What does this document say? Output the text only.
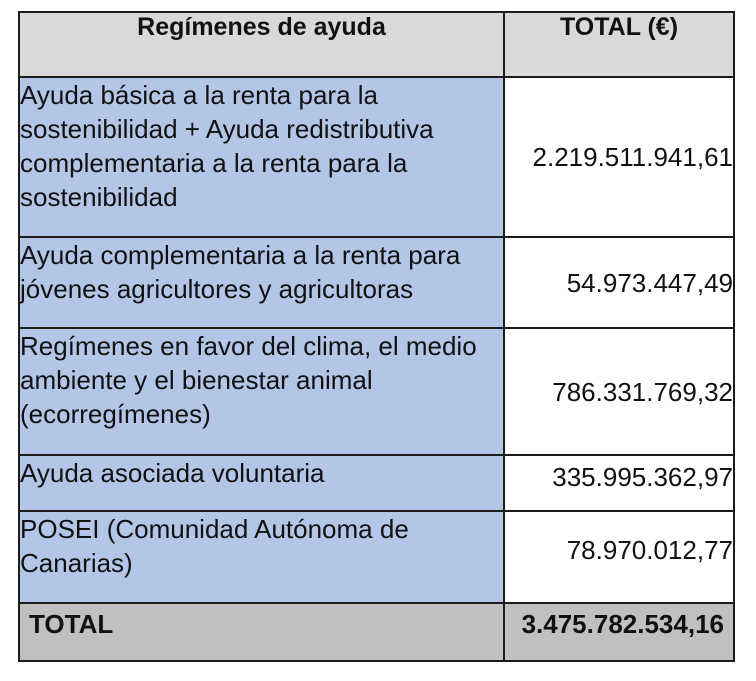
Regímenes de ayuda	TOTAL (€)
Ayuda básica a la renta para la sostenibilidad + Ayuda redistributiva complementaria a la renta para la sostenibilidad	2.219.511.941,61
Ayuda complementaria a la renta para jóvenes agricultores y agricultoras	54.973.447,49
Regímenes en favor del clima, el medio ambiente y el bienestar animal (ecorregímenes)	786.331.769,32
Ayuda asociada voluntaria	335.995.362,97
POSEI (Comunidad Autónoma de Canarias)	78.970.012,77
TOTAL	3.475.782.534,16
